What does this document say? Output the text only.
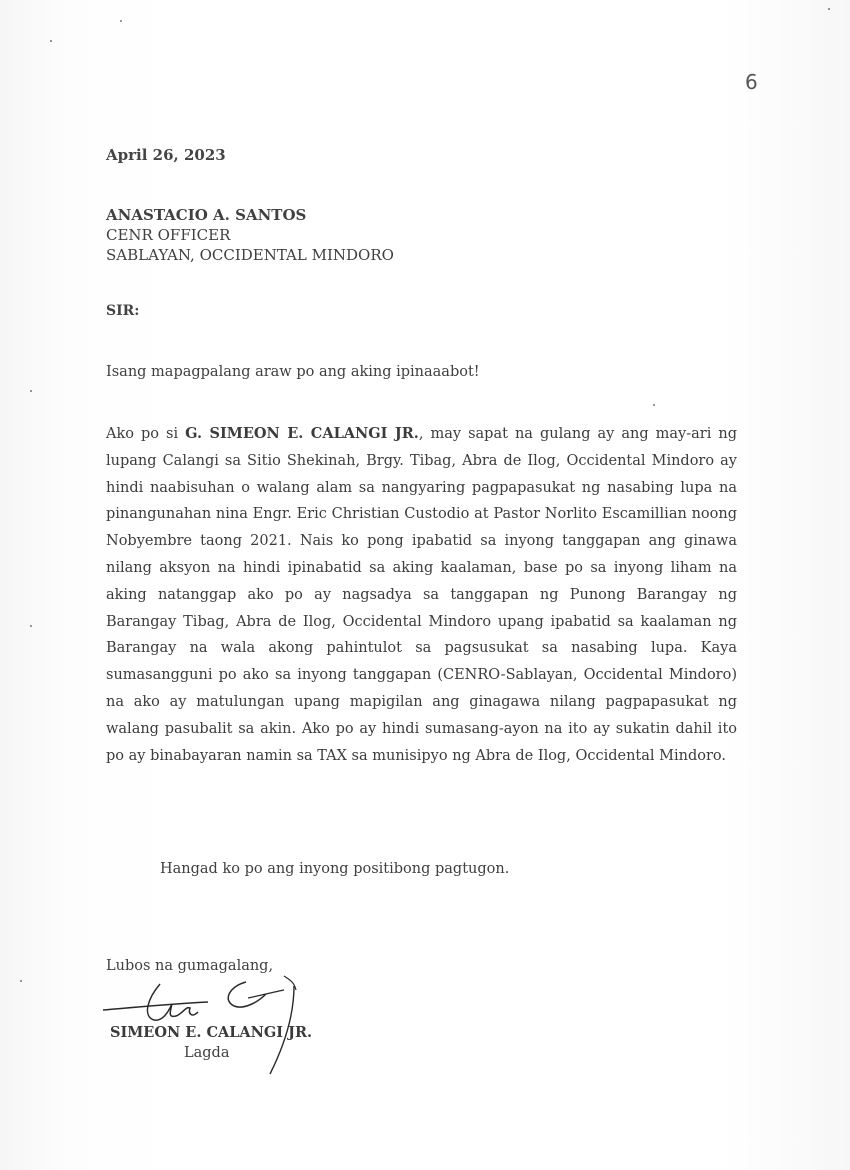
6
April 26, 2023
ANASTACIO A. SANTOS
CENR OFFICER
SABLAYAN, OCCIDENTAL MINDORO
SIR:
Isang mapagpalang araw po ang aking ipinaaabot!
Ako po si G. SIMEON E. CALANGI JR., may sapat na gulang ay ang may-ari ng lupang Calangi sa Sitio Shekinah, Brgy. Tibag, Abra de Ilog, Occidental Mindoro ay hindi naabisuhan o walang alam sa nangyaring pagpapasukat ng nasabing lupa na pinangunahan nina Engr. Eric Christian Custodio at Pastor Norlito Escamillian noong Nobyembre taong 2021. Nais ko pong ipabatid sa inyong tanggapan ang ginawa nilang aksyon na hindi ipinabatid sa aking kaalaman, base po sa inyong liham na aking natanggap ako po ay nagsadya sa tanggapan ng Punong Barangay ng Barangay Tibag, Abra de Ilog, Occidental Mindoro upang ipabatid sa kaalaman ng Barangay na wala akong pahintulot sa pagsusukat sa nasabing lupa. Kaya sumasangguni po ako sa inyong tanggapan (CENRO-Sablayan, Occidental Mindoro) na ako ay matulungan upang mapigilan ang ginagawa nilang pagpapasukat ng walang pasubalit sa akin. Ako po ay hindi sumasang-ayon na ito ay sukatin dahil ito po ay binabayaran namin sa TAX sa munisipyo ng Abra de Ilog, Occidental Mindoro.
Hangad ko po ang inyong positibong pagtugon.
Lubos na gumagalang,
SIMEON E. CALANGI JR.
Lagda
